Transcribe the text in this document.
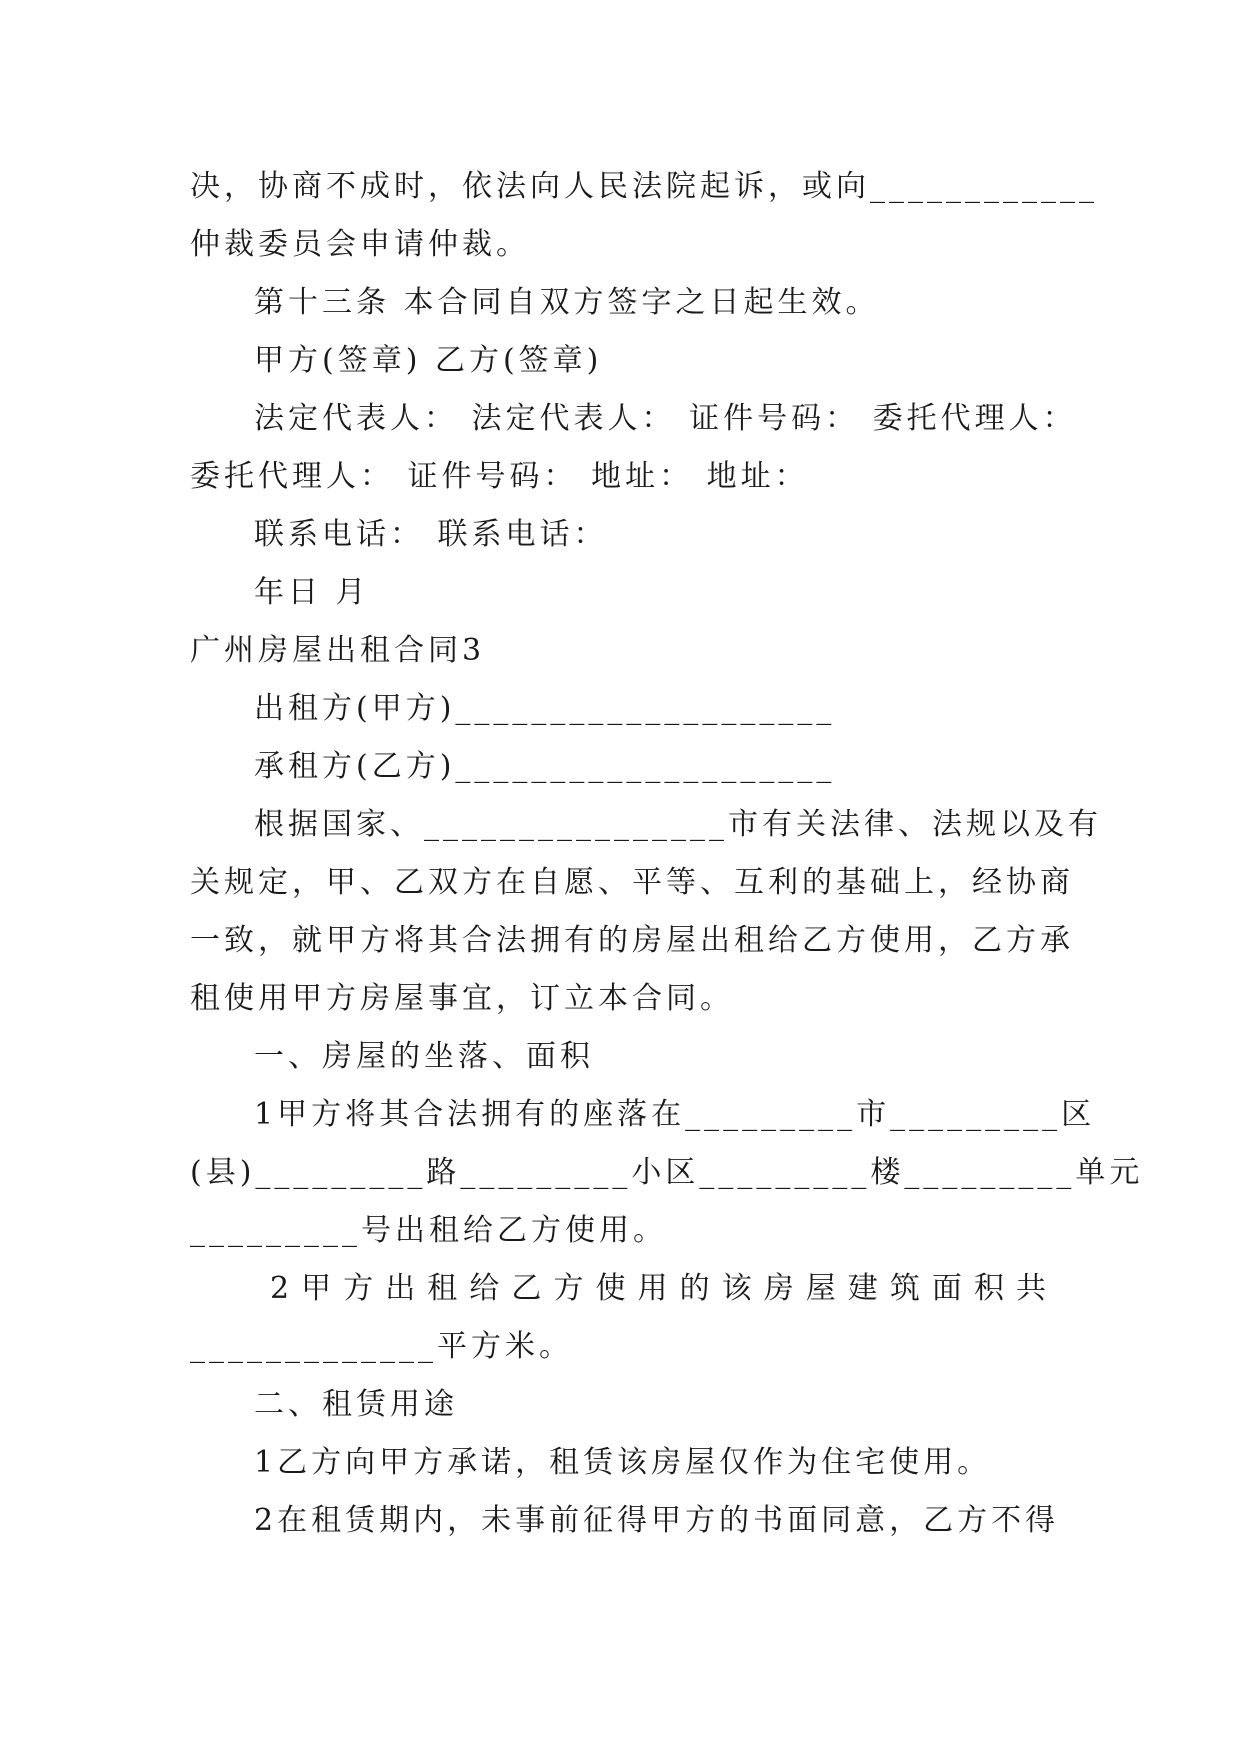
决，协商不成时，依法向人民法院起诉，或向____________
仲裁委员会申请仲裁。
第十三条 本合同自双方签字之日起生效。
甲方(签章) 乙方(签章)
法定代表人： 法定代表人： 证件号码： 委托代理人：
委托代理人： 证件号码： 地址： 地址：
联系电话： 联系电话：
年日 月
广州房屋出租合同3
出租方(甲方)____________________
承租方(乙方)____________________
根据国家、________________市有关法律、法规以及有
关规定，甲、乙双方在自愿、平等、互利的基础上，经协商
一致，就甲方将其合法拥有的房屋出租给乙方使用，乙方承
租使用甲方房屋事宜，订立本合同。
一、房屋的坐落、面积
1甲方将其合法拥有的座落在_________市_________区
(县)_________路_________小区_________楼_________单元
_________号出租给乙方使用。
2甲方出租给乙方使用的该房屋建筑面积共
_____________平方米。
二、租赁用途
1乙方向甲方承诺，租赁该房屋仅作为住宅使用。
2在租赁期内，未事前征得甲方的书面同意，乙方不得
